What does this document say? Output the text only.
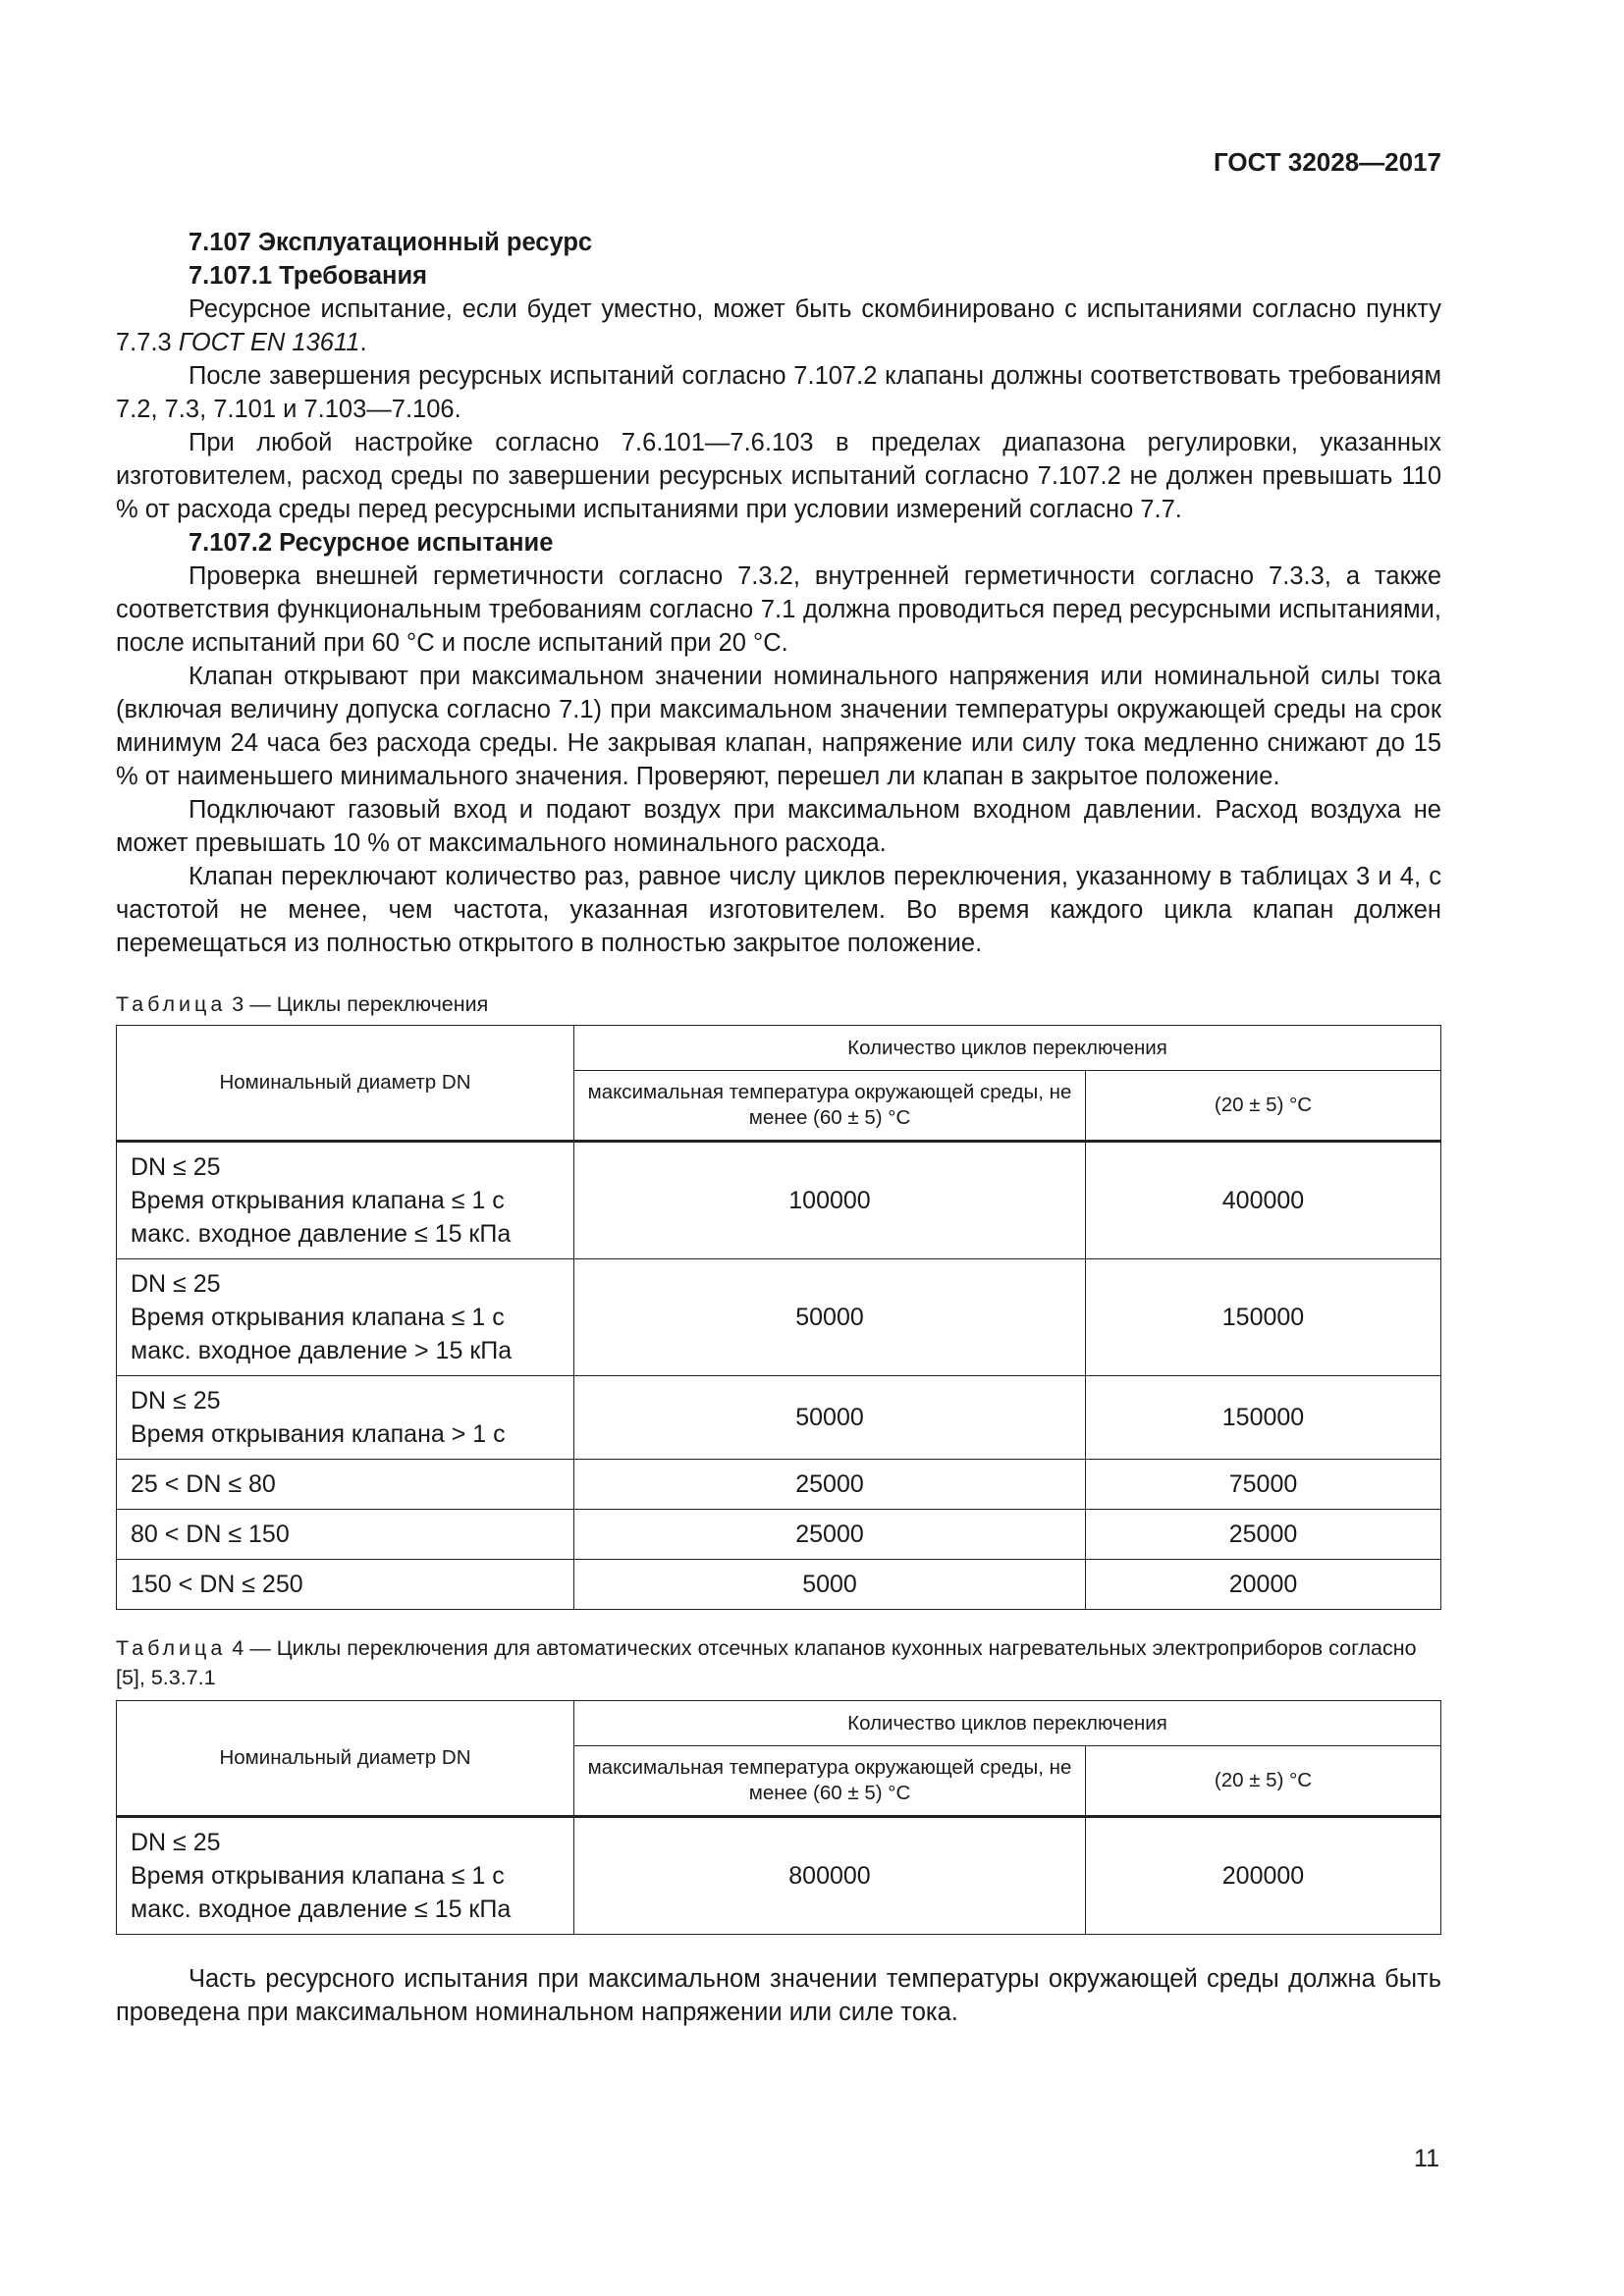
ГОСТ 32028—2017

7.107 Эксплуатационный ресурс

7.107.1 Требования

Ресурсное испытание, если будет уместно, может быть скомбинировано с испытаниями согласно пункту 7.7.3 ГОСТ EN 13611.

После завершения ресурсных испытаний согласно 7.107.2 клапаны должны соответствовать требованиям 7.2, 7.3, 7.101 и 7.103—7.106.

При любой настройке согласно 7.6.101—7.6.103 в пределах диапазона регулировки, указанных изготовителем, расход среды по завершении ресурсных испытаний согласно 7.107.2 не должен превышать 110 % от расхода среды перед ресурсными испытаниями при условии измерений согласно 7.7.

7.107.2 Ресурсное испытание

Проверка внешней герметичности согласно 7.3.2, внутренней герметичности согласно 7.3.3, а также соответствия функциональным требованиям согласно 7.1 должна проводиться перед ресурсными испытаниями, после испытаний при 60 °С и после испытаний при 20 °С.

Клапан открывают при максимальном значении номинального напряжения или номинальной силы тока (включая величину допуска согласно 7.1) при максимальном значении температуры окружающей среды на срок минимум 24 часа без расхода среды. Не закрывая клапан, напряжение или силу тока медленно снижают до 15 % от наименьшего минимального значения. Проверяют, перешел ли клапан в закрытое положение.

Подключают газовый вход и подают воздух при максимальном входном давлении. Расход воздуха не может превышать 10 % от максимального номинального расхода.

Клапан переключают количество раз, равное числу циклов переключения, указанному в таблицах 3 и 4, с частотой не менее, чем частота, указанная изготовителем. Во время каждого цикла клапан должен перемещаться из полностью открытого в полностью закрытое положение.

Таблица 3 — Циклы переключения

Номинальный диаметр DN	Количество циклов переключения	
	максимальная температура окружающей среды, не менее (60 ± 5) °С	(20 ± 5) °С

DN ≤ 25
Время открывания клапана ≤ 1 с
макс. входное давление ≤ 15 кПа	100000	400000

DN ≤ 25
Время открывания клапана ≤ 1 с
макс. входное давление > 15 кПа	50000	150000

DN ≤ 25
Время открывания клапана > 1 с	50000	150000

25 < DN ≤ 80	25000	75000

80 < DN ≤ 150	25000	25000

150 < DN ≤ 250	5000	20000

Таблица 4 — Циклы переключения для автоматических отсечных клапанов кухонных нагревательных электроприборов согласно [5], 5.3.7.1

Номинальный диаметр DN	Количество циклов переключения	
	максимальная температура окружающей среды, не менее (60 ± 5) °С	(20 ± 5) °С

DN ≤ 25
Время открывания клапана ≤ 1 с
макс. входное давление ≤ 15 кПа	800000	200000

Часть ресурсного испытания при максимальном значении температуры окружающей среды должна быть проведена при максимальном номинальном напряжении или силе тока.

11
